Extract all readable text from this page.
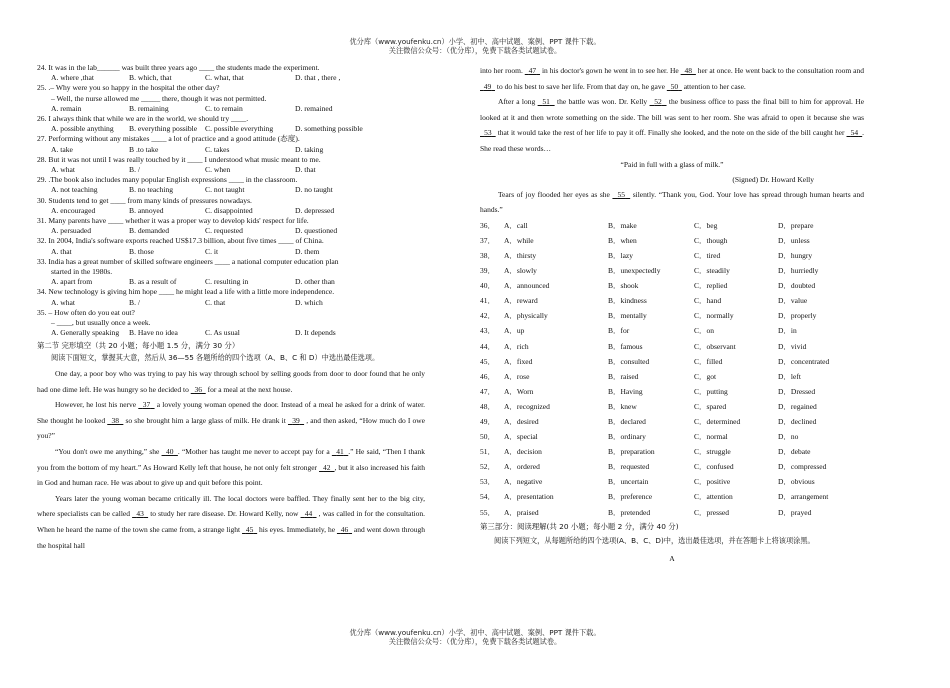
优分库（www.youfenku.cn）小学、初中、高中试题、案例、PPT 课件下载。
关注微信公众号：（优分库），免费下载各类试题试卷。
24. It was in the lab______ was built three years ago ____ the students made the experiment.
A. where ,that	B. which, that	C. what, that	D. that , there ,
25. .– Why were you so happy in the hospital the other day?
– Well, the nurse allowed me _____ there, though it was not permitted.
A. remain	B. remaining	C. to remain	D. remained
26. I always think that while we are in the world, we should try ____.
A. possible anything B. everything possible C. possible everything	D. something possible
27. Performing without any mistakes ____ a lot of practice and a good attitude (态度).
A. take	B .to take	C. takes	D. taking
28. But it was not until I was really touched by it ____ I understood what music meant to me.
A. what	B. /	C. when	D. that
29. .The book also includes many popular English expressions ____ in the classroom.
A. not teaching	B. no teaching	C. not taught	D. no taught
30. Students tend to get ____ from many kinds of pressures nowadays.
A. encouraged	B. annoyed	C. disappointed	D. depressed
31. Many parents have ____ whether it was a proper way to develop kids' respect for life.
A. persuaded	B. demanded	C. requested	D. questioned
32. In 2004, India's software exports reached US$17.3 billion, about five times ____ of China.
A. that	B. those	C. it	D. them
33. India has a great number of skilled software engineers ____ a national computer education plan
started in the 1980s.
A. apart from	B. as a result of	C. resulting in	D. other than
34. New technology is giving him hope ____ he might lead a life with a little more independence.
A. what	B. /	C. that	D. which
35. – How often do you eat out?
– ____, but usually once a week.
A. Generally speaking B. Have no idea	C. As usual	D. It depends
第二节 完形填空（共 20 小题；每小题 1.5 分，满分 30 分）
阅读下面短文，掌握其大意，然后从 36—55 各题所给的四个选项（A、B、C 和 D）中选出最佳选项。
One day, a poor boy who was trying to pay his way through school by selling goods from door to door found that he only had one dime left. He was hungry so he decided to   36   for a meal at the next house.
However, he lost his nerve   37   a lovely young woman opened the door. Instead of a meal he asked for a drink of water. She thought he looked   38   so she brought him a large glass of milk. He drank it   39   , and then asked, “How much do I owe you?”
“You don't owe me anything,” she   40 . “Mother has taught me never to accept pay for a   41 .” He said, “Then I thank you from the bottom of my heart.” As Howard Kelly left that house, he not only felt stronger   42 , but it also increased his faith in God and human race. He was about to give up and quit before this point.
Years later the young woman became critically ill. The local doctors were baffled. They finally sent her to the big city, where specialists can be called   43   to study her rare disease. Dr. Howard Kelly, now   44   , was called in for the consultation. When he heard the name of the town she came from, a strange light   45   his eyes. Immediately, he   46   and went down through the hospital hall
into her room.   47   in his doctor's gown he went in to see her. He   48   her at once. He went back to the consultation room and   49   to do his best to save her life. From that day on, he gave   50   attention to her case.
After a long   51   the battle was won. Dr. Kelly   52   the business office to pass the final bill to him for approval. He looked at it and then wrote something on the side. The bill was sent to her room. She was afraid to open it because she was   53   that it would take the rest of her life to pay it off. Finally she looked, and the note on the side of the bill caught her   54 . She read these words…
“Paid in full with a glass of milk.”
(Signed) Dr. Howard Kelly
Tears of joy flooded her eyes as she   55   silently. “Thank you, God. Your love has spread through human hearts and hands.”
36．	A．call	B．make	C．beg	D．prepare
37．	A．while	B．when	C．though	D．unless
38．	A．thirsty	B．lazy	C．tired	D．hungry
39．	A．slowly	B．unexpectedly	C．steadily	D．hurriedly
40．	A．announced	B．shook	C．replied	D．doubted
41．	A．reward	B．kindness	C．hand	D．value
42．	A．physically	B．mentally	C．normally	D．properly
43．	A．up	B．for	C．on	D．in
44．	A．rich	B．famous	C．observant	D．vivid
45．	A．fixed	B．consulted	C．filled	D．concentrated
46．	A．rose	B．raised	C．got	D．left
47．	A．Worn	B．Having	C．putting	D．Dressed
48．	A．recognized	B．knew	C．spared	D．regained
49．	A．desired	B．declared	C．determined	D．declined
50．	A．special	B．ordinary	C．normal	D．no
51．	A．decision	B．preparation	C．struggle	D．debate
52．	A．ordered	B．requested	C．confused	D．compressed
53．	A．negative	B．uncertain	C．positive	D．obvious
54．	A．presentation	B．preference	C．attention	D．arrangement
55．	A．praised	B．pretended	C．pressed	D．prayed
第三部分：阅读理解(共 20 小题；每小题 2 分，满分 40 分)
阅读下列短文，从每题所给的四个选项(A、B、C、D)中，选出最佳选项，并在答题卡上将该项涂黑。
A
优分库（www.youfenku.cn）小学、初中、高中试题、案例、PPT 课件下载。
关注微信公众号：（优分库），免费下载各类试题试卷。
